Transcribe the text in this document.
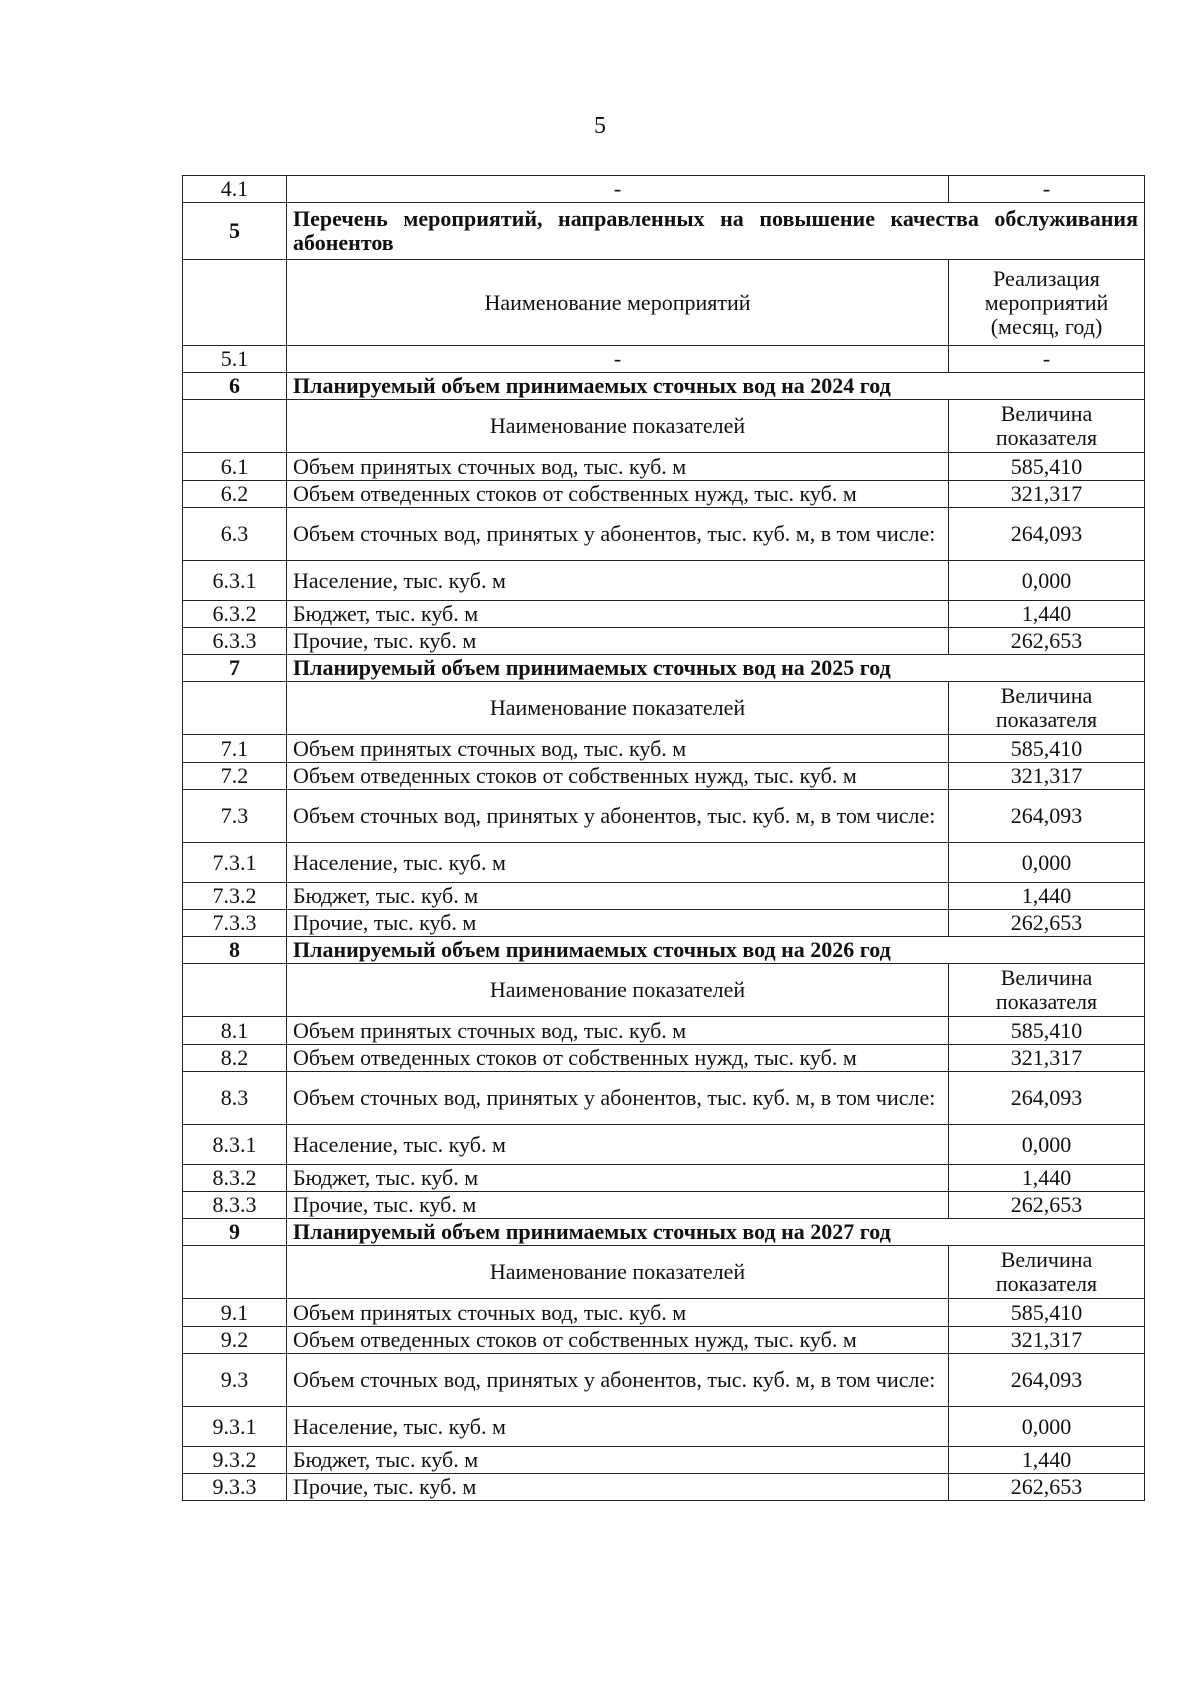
5
4.1	-	-
5	Перечень мероприятий, направленных на повышение качества обслуживания абонентов	
	Наименование мероприятий	Реализация мероприятий (месяц, год)
5.1	-	-
6	Планируемый объем принимаемых сточных вод на 2024 год	
	Наименование показателей	Величина показателя
6.1	Объем принятых сточных вод, тыс. куб. м	585,410
6.2	Объем отведенных стоков от собственных нужд, тыс. куб. м	321,317
6.3	Объем сточных вод, принятых у абонентов, тыс. куб. м, в том числе:	264,093
6.3.1	Население, тыс. куб. м	0,000
6.3.2	Бюджет, тыс. куб. м	1,440
6.3.3	Прочие, тыс. куб. м	262,653
7	Планируемый объем принимаемых сточных вод на 2025 год	
	Наименование показателей	Величина показателя
7.1	Объем принятых сточных вод, тыс. куб. м	585,410
7.2	Объем отведенных стоков от собственных нужд, тыс. куб. м	321,317
7.3	Объем сточных вод, принятых у абонентов, тыс. куб. м, в том числе:	264,093
7.3.1	Население, тыс. куб. м	0,000
7.3.2	Бюджет, тыс. куб. м	1,440
7.3.3	Прочие, тыс. куб. м	262,653
8	Планируемый объем принимаемых сточных вод на 2026 год	
	Наименование показателей	Величина показателя
8.1	Объем принятых сточных вод, тыс. куб. м	585,410
8.2	Объем отведенных стоков от собственных нужд, тыс. куб. м	321,317
8.3	Объем сточных вод, принятых у абонентов, тыс. куб. м, в том числе:	264,093
8.3.1	Население, тыс. куб. м	0,000
8.3.2	Бюджет, тыс. куб. м	1,440
8.3.3	Прочие, тыс. куб. м	262,653
9	Планируемый объем принимаемых сточных вод на 2027 год	
	Наименование показателей	Величина показателя
9.1	Объем принятых сточных вод, тыс. куб. м	585,410
9.2	Объем отведенных стоков от собственных нужд, тыс. куб. м	321,317
9.3	Объем сточных вод, принятых у абонентов, тыс. куб. м, в том числе:	264,093
9.3.1	Население, тыс. куб. м	0,000
9.3.2	Бюджет, тыс. куб. м	1,440
9.3.3	Прочие, тыс. куб. м	262,653
